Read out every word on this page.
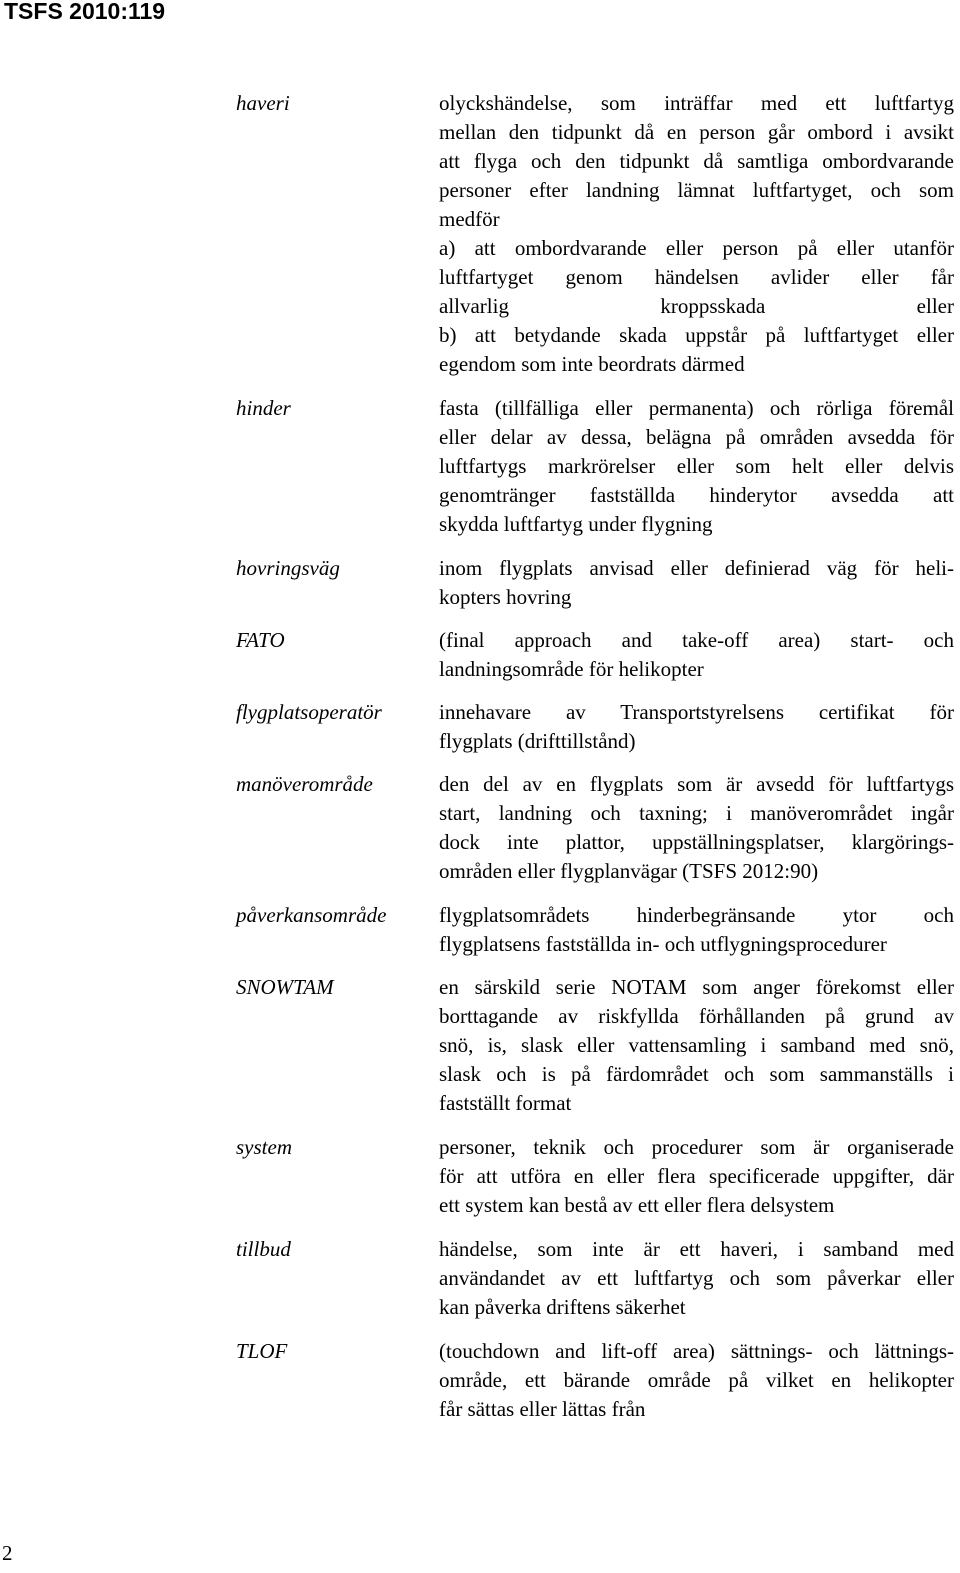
TSFS 2010:119
haveri	olyckshändelse, som inträffar med ett luftfartyg
mellan den tidpunkt då en person går ombord i avsikt
att flyga och den tidpunkt då samtliga ombordvarande
personer efter landning lämnat luftfartyget, och som
medför
a) att ombordvarande eller person på eller utanför
luftfartyget genom händelsen avlider eller får
allvarlig kroppsskada eller
b) att betydande skada uppstår på luftfartyget eller
egendom som inte beordrats därmed
hinder	fasta (tillfälliga eller permanenta) och rörliga föremål
eller delar av dessa, belägna på områden avsedda för
luftfartygs markrörelser eller som helt eller delvis
genomtränger fastställda hinderytor avsedda att
skydda luftfartyg under flygning
hovringsväg	inom flygplats anvisad eller definierad väg för heli-
kopters hovring
FATO	(final approach and take-off area) start- och
landningsområde för helikopter
flygplatsoperatör	innehavare av Transportstyrelsens certifikat för
flygplats (drifttillstånd)
manöverområde	den del av en flygplats som är avsedd för luftfartygs
start, landning och taxning; i manöverområdet ingår
dock inte plattor, uppställningsplatser, klargörings-
områden eller flygplanvägar (TSFS 2012:90)
påverkansområde	flygplatsområdets hinderbegränsande ytor och
flygplatsens fastställda in- och utflygningsprocedurer
SNOWTAM	en särskild serie NOTAM som anger förekomst eller
borttagande av riskfyllda förhållanden på grund av
snö, is, slask eller vattensamling i samband med snö,
slask och is på färdområdet och som sammanställs i
fastställt format
system	personer, teknik och procedurer som är organiserade
för att utföra en eller flera specificerade uppgifter, där
ett system kan bestå av ett eller flera delsystem
tillbud	händelse, som inte är ett haveri, i samband med
användandet av ett luftfartyg och som påverkar eller
kan påverka driftens säkerhet
TLOF	(touchdown and lift-off area) sättnings- och lättnings-
område, ett bärande område på vilket en helikopter
får sättas eller lättas från
2
